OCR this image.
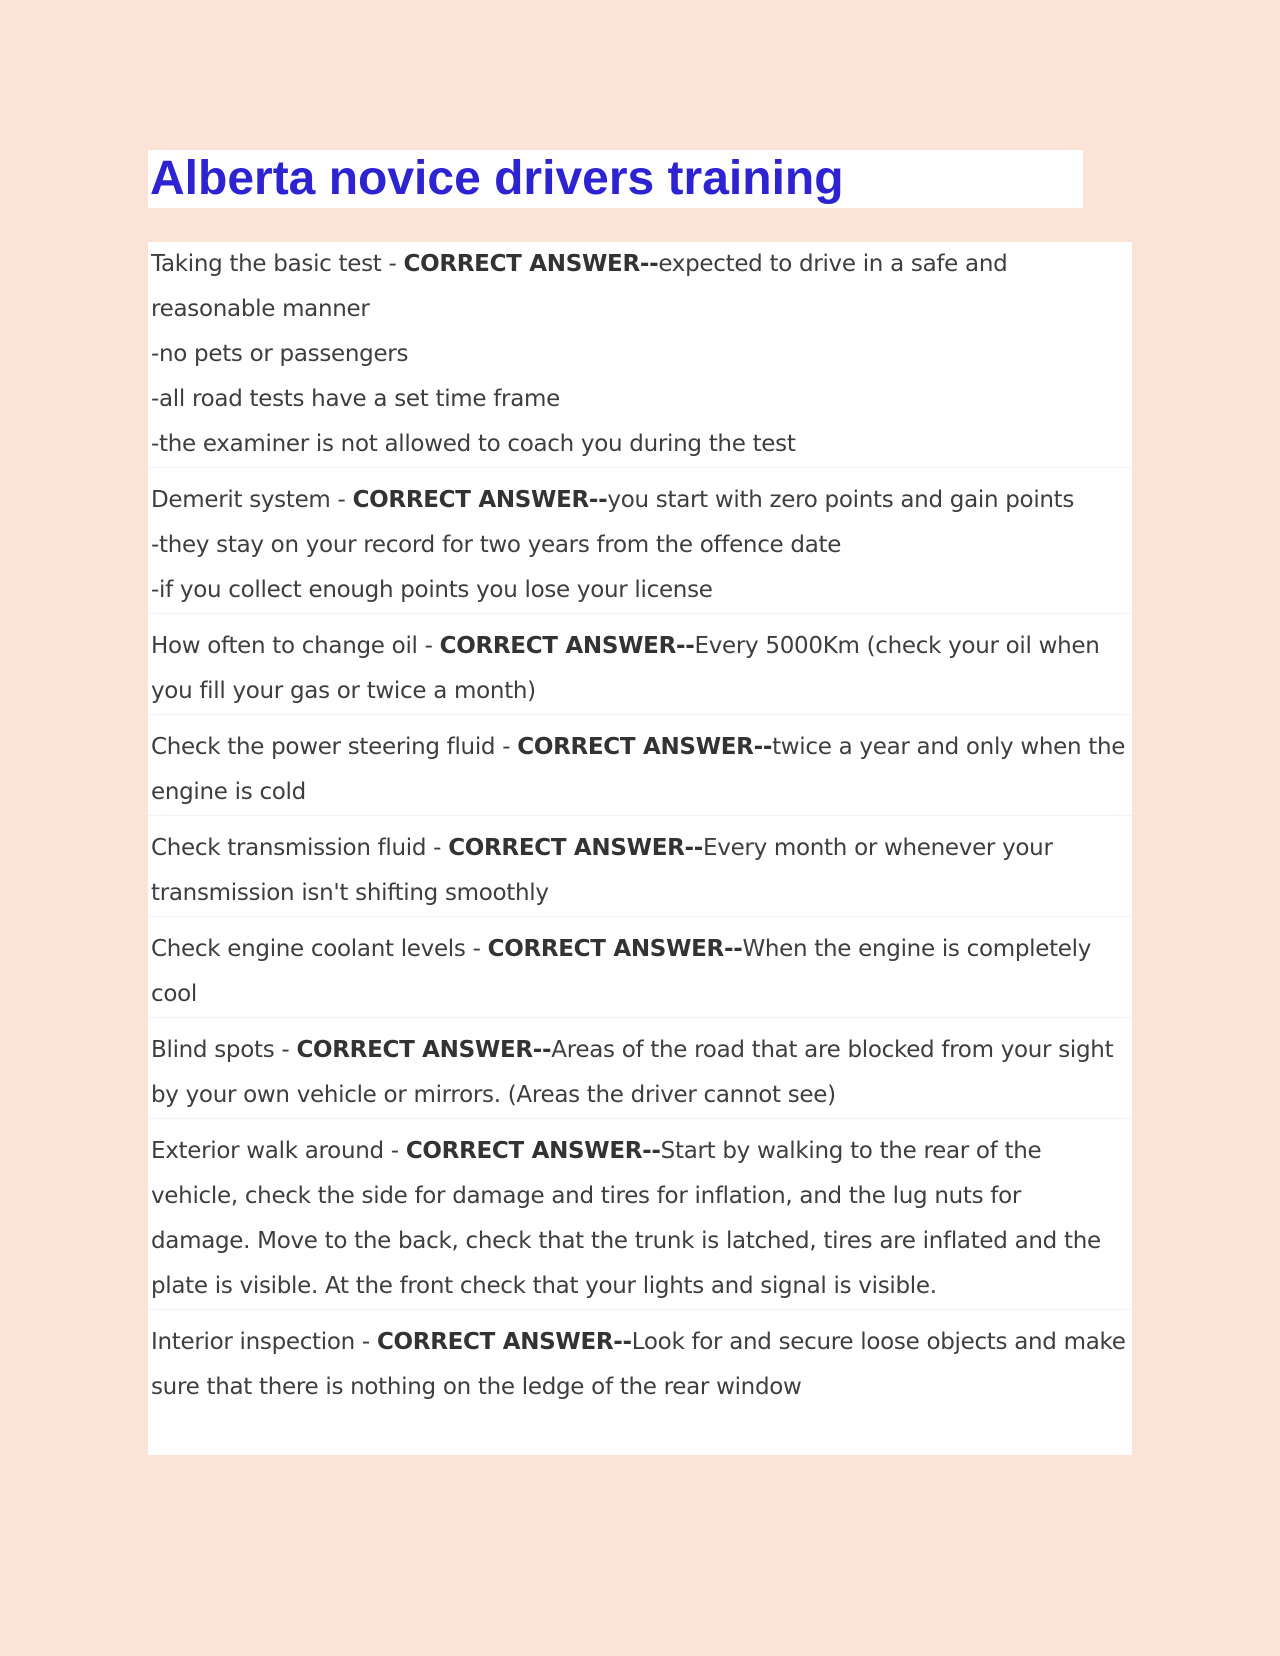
Alberta novice drivers training
Taking the basic test - CORRECT ANSWER--expected to drive in a safe and reasonable manner
-no pets or passengers
-all road tests have a set time frame
-the examiner is not allowed to coach you during the test
Demerit system - CORRECT ANSWER--you start with zero points and gain points
-they stay on your record for two years from the offence date
-if you collect enough points you lose your license
How often to change oil - CORRECT ANSWER--Every 5000Km (check your oil when you fill your gas or twice a month)
Check the power steering fluid - CORRECT ANSWER--twice a year and only when the engine is cold
Check transmission fluid - CORRECT ANSWER--Every month or whenever your transmission isn't shifting smoothly
Check engine coolant levels - CORRECT ANSWER--When the engine is completely cool
Blind spots - CORRECT ANSWER--Areas of the road that are blocked from your sight by your own vehicle or mirrors. (Areas the driver cannot see)
Exterior walk around - CORRECT ANSWER--Start by walking to the rear of the vehicle, check the side for damage and tires for inflation, and the lug nuts for damage. Move to the back, check that the trunk is latched, tires are inflated and the plate is visible. At the front check that your lights and signal is visible.
Interior inspection - CORRECT ANSWER--Look for and secure loose objects and make sure that there is nothing on the ledge of the rear window
